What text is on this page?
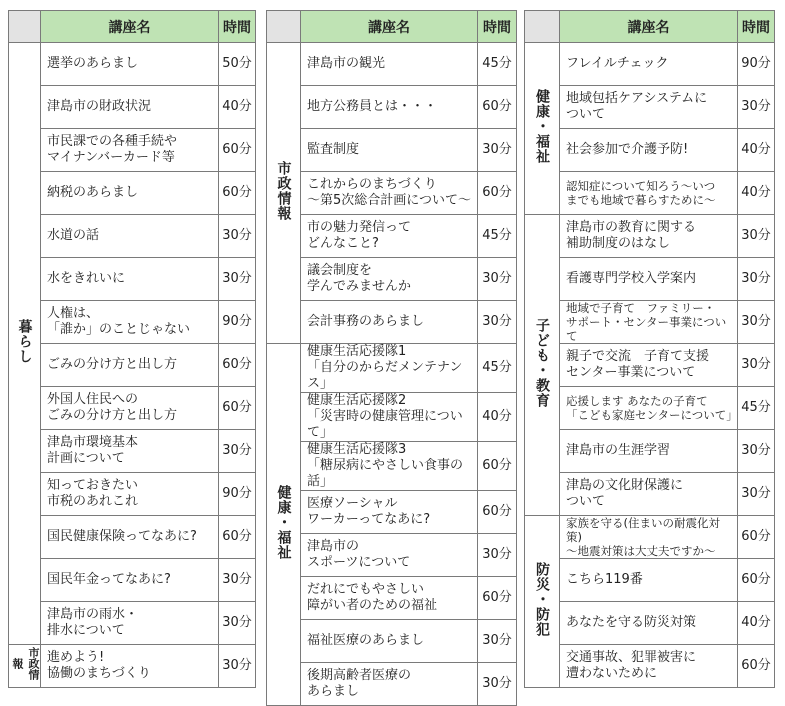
	講座名	時間
暮らし	選挙のあらまし	50分
	津島市の財政状況	40分
	市民課での各種手続や
マイナンバーカード等	60分
	納税のあらまし	60分
	水道の話	30分
	水をきれいに	30分
	人権は、
「誰か」のことじゃない	90分
	ごみの分け方と出し方	60分
	外国人住民への
ごみの分け方と出し方	60分
	津島市環境基本
計画について	30分
	知っておきたい
市税のあれこれ	90分
	国民健康保険ってなあに?	60分
	国民年金ってなあに?	30分
	津島市の雨水・
排水について	30分
市政情報	進めよう!
協働のまちづくり	30分
	講座名	時間
市政情報	津島市の観光	45分
	地方公務員とは・・・	60分
	監査制度	30分
	これからのまちづくり
～第5次総合計画について～	60分
	市の魅力発信って
どんなこと?	45分
	議会制度を
学んでみませんか	30分
	会計事務のあらまし	30分
健康・福祉	健康生活応援隊1
「自分のからだメンテナンス」	45分
	健康生活応援隊2
「災害時の健康管理について」	40分
	健康生活応援隊3
「糖尿病にやさしい食事の話」	60分
	医療ソーシャル
ワーカーってなあに?	60分
	津島市の
スポーツについて	30分
	だれにでもやさしい
障がい者のための福祉	60分
	福祉医療のあらまし	30分
	後期高齢者医療の
あらまし	30分
	講座名	時間
健康・福祉	フレイルチェック	90分
	地域包括ケアシステムに
ついて	30分
	社会参加で介護予防!	40分
	認知症について知ろう～いつ
までも地域で暮らすために～	40分
子ども・教育	津島市の教育に関する
補助制度のはなし	30分
	看護専門学校入学案内	30分
	地域で子育て　ファミリー・
サポート・センター事業について	30分
	親子で交流　子育て支援
センター事業について	30分
	応援します あなたの子育て
「こども家庭センターについて」	45分
	津島市の生涯学習	30分
	津島の文化財保護に
ついて	30分
防災・防犯	家族を守る(住まいの耐震化対策)
～地震対策は大丈夫ですか～	60分
	こちら119番	60分
	あなたを守る防災対策	40分
	交通事故、犯罪被害に
遭わないために	60分
